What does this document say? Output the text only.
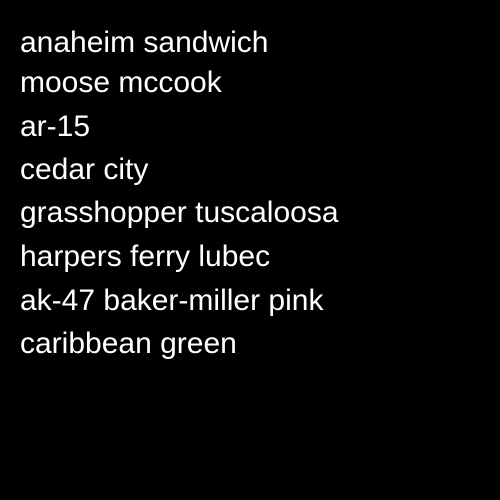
anaheim sandwich
moose mccook
ar-15
cedar city
grasshopper tuscaloosa
harpers ferry lubec
ak-47 baker-miller pink
caribbean green
